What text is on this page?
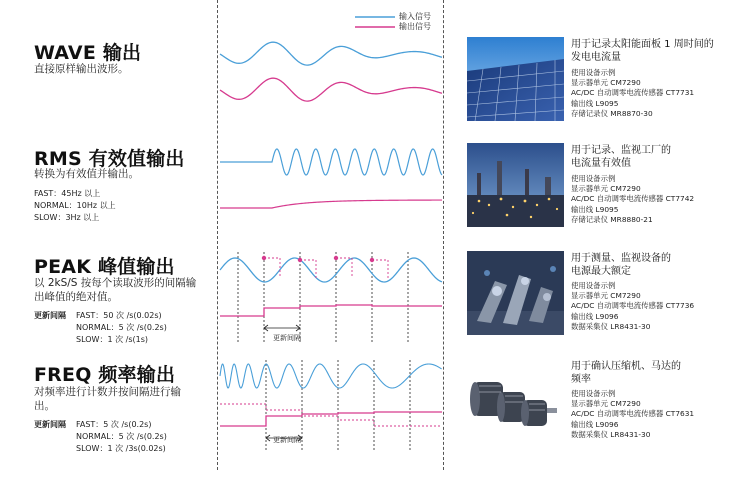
输入信号
输出信号
WAVE 输出
直接原样输出波形。
用于记录太阳能面板 1 周时间的
发电电流量
使用设备示例
显示器单元 CM7290
AC/DC 自动调零电流传感器 CT7731
输出线 L9095
存储记录仪 MR8870-30
RMS 有效值输出
转换为有效值并输出。
FAST：45Hz 以上
NORMAL：10Hz 以上
SLOW：3Hz 以上
用于记录、监视工厂的
电流量有效值
使用设备示例
显示器单元 CM7290
AC/DC 自动调零电流传感器 CT7742
输出线 L9095
存储记录仪 MR8880-21
PEAK 峰值输出
以 2kS/S 按每个读取波形的间隔输
出峰值的绝对值。
更新间隔 FAST：50 次 /s(0.02s)
NORMAL：5 次 /s(0.2s)
SLOW：1 次 /s(1s)	更新间隔
用于测量、监视设备的
电源最大额定
使用设备示例
显示器单元 CM7290
AC/DC 自动调零电流传感器 CT7736
输出线 L9096
数据采集仪 LR8431-30
FREQ 频率输出
对频率进行计数并按间隔进行输
出。
更新间隔 FAST：5 次 /s(0.2s)
NORMAL：5 次 /s(0.2s)
SLOW：1 次 /3s(0.02s)
更新间隔
用于确认压缩机、马达的
频率
使用设备示例
显示器单元 CM7290
AC/DC 自动调零电流传感器 CT7631
输出线 L9096
数据采集仪 LR8431-30
